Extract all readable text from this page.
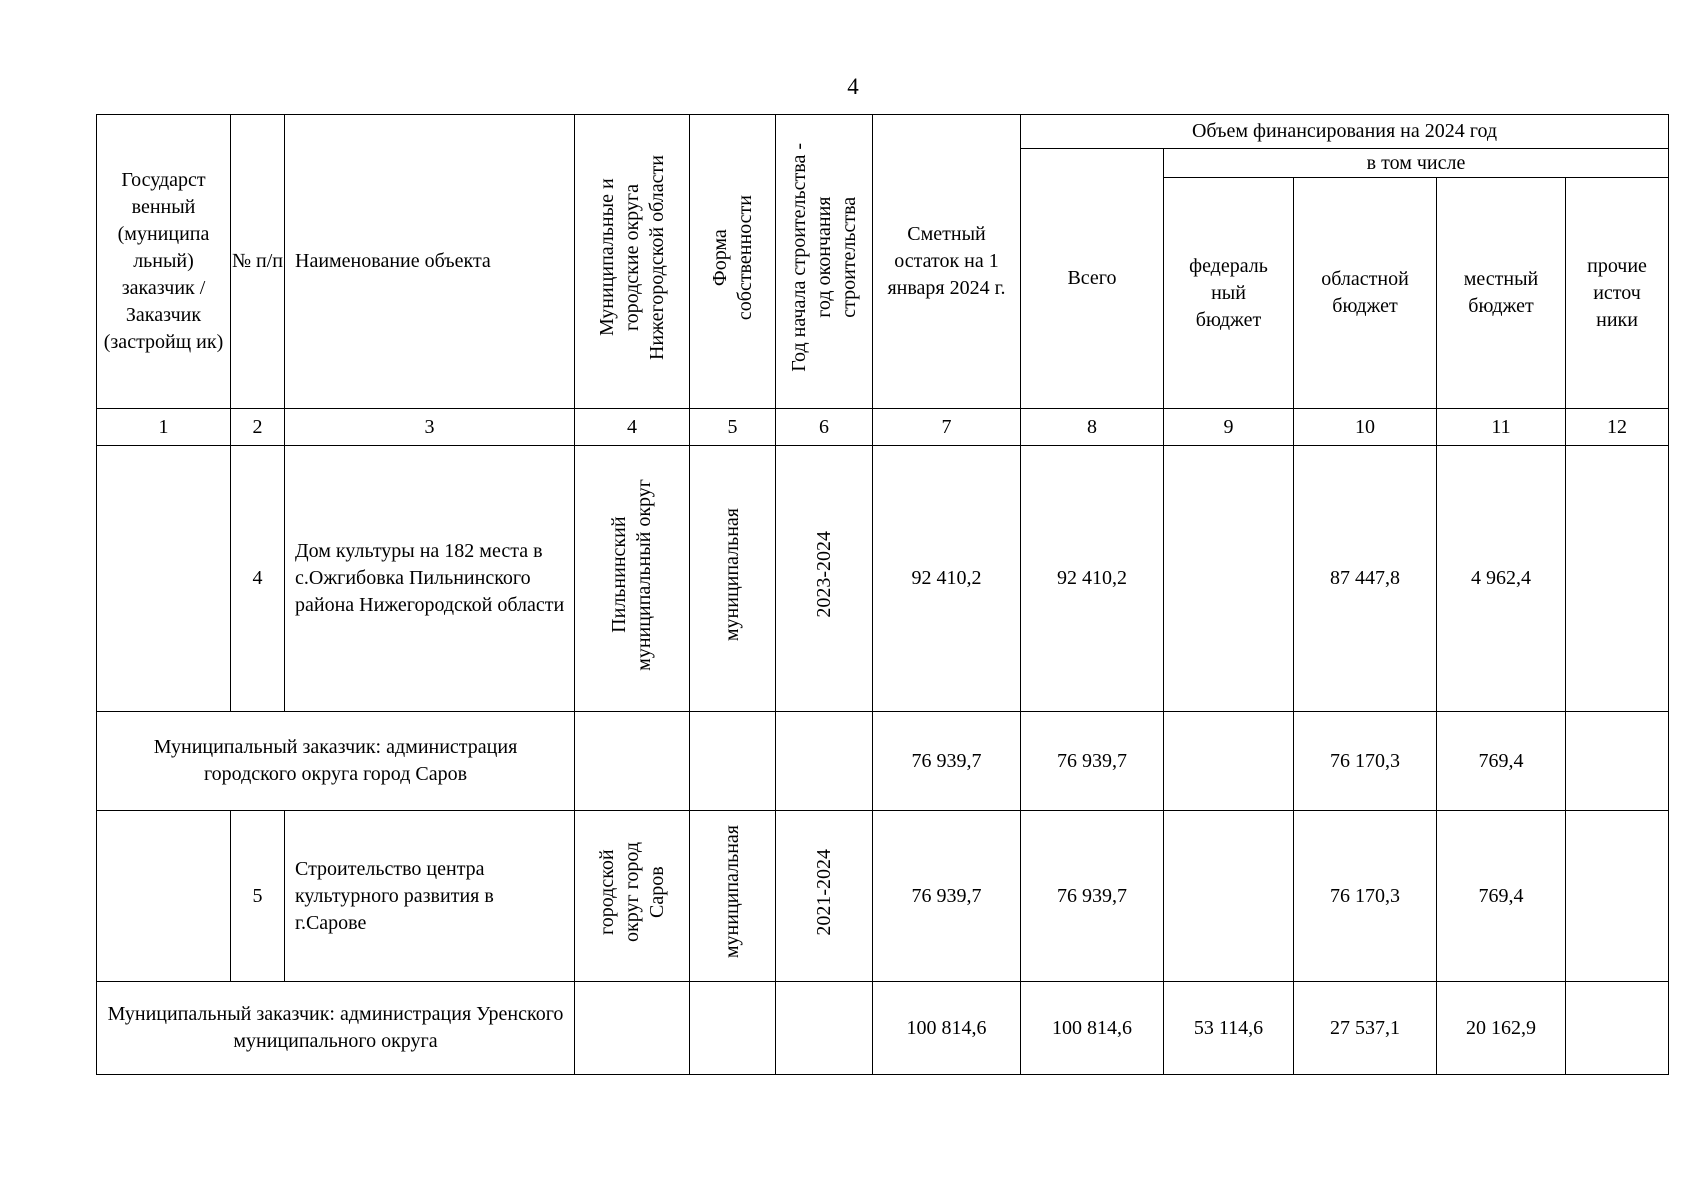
4
Государст венный (муниципа льный) заказчик / Заказчик (застройщ ик)	№ п/п	Наименование объекта	Муниципальные и городские округа Нижегородской области	Форма собственности	Год начала строительства - год окончания строительства	Сметный остаток на 1 января 2024 г.	Объем финансирования на 2024 год				
							Всего	в том числе			
								федераль ный бюджет	областной бюджет	местный бюджет	прочие источ ники
1	2	3	4	5	6	7	8	9	10	11	12
	4	Дом культуры на 182 места в с.Ожгибовка Пильнинского района Нижегородской области	Пильнинский муниципальный округ	муниципальная	2023-2024	92 410,2	92 410,2		87 447,8	4 962,4	
Муниципальный заказчик: администрация городского округа город Саров						76 939,7	76 939,7		76 170,3	769,4	
	5	Строительство центра культурного развития в г.Сарове	городской округ город Саров	муниципальная	2021-2024	76 939,7	76 939,7		76 170,3	769,4	
Муниципальный заказчик: администрация Уренского муниципального округа						100 814,6	100 814,6	53 114,6	27 537,1	20 162,9	
